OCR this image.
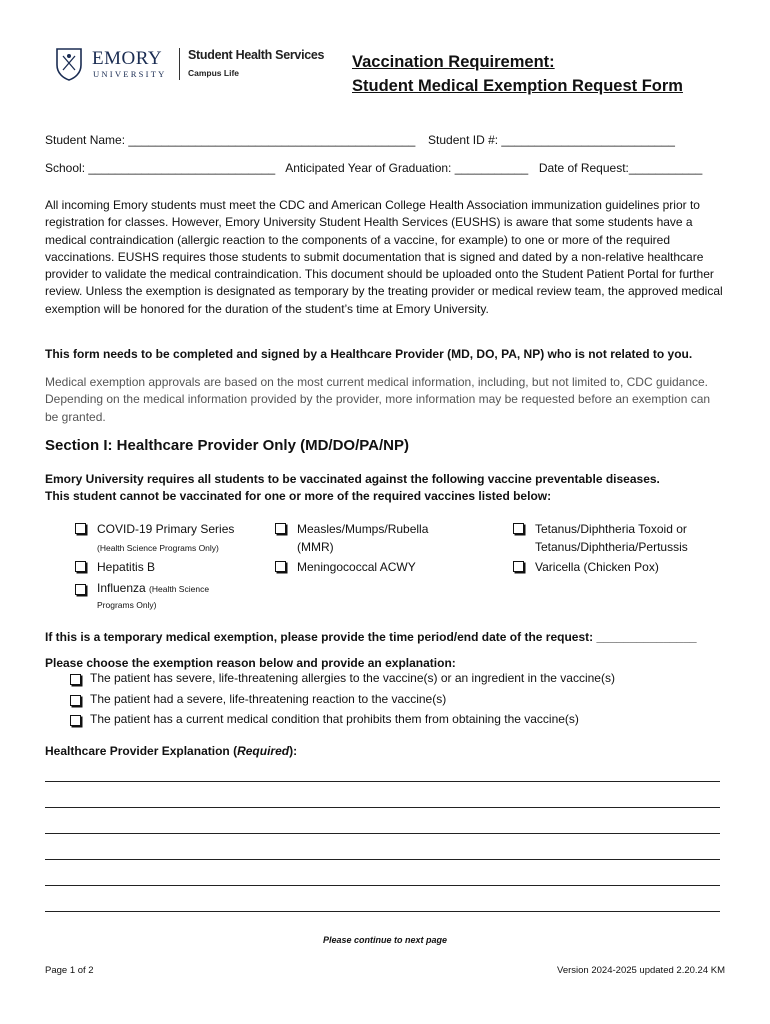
EMORY
UNIVERSITY
Student Health Services
Campus Life
Vaccination Requirement:
Student Medical Exemption Request Form
Student Name: ___________________________________________ Student ID #: __________________________
School: ____________________________ Anticipated Year of Graduation: ___________ Date of Request:___________

All incoming Emory students must meet the CDC and American College Health Association immunization guidelines prior to registration for classes. However, Emory University Student Health Services (EUSHS) is aware that some students have a medical contraindication (allergic reaction to the components of a vaccine, for example) to one or more of the required vaccinations. EUSHS requires those students to submit documentation that is signed and dated by a non-relative healthcare provider to validate the medical contraindication. This document should be uploaded onto the Student Patient Portal for further review. Unless the exemption is designated as temporary by the treating provider or medical review team, the approved medical exemption will be honored for the duration of the student’s time at Emory University.

This form needs to be completed and signed by a Healthcare Provider (MD, DO, PA, NP) who is not related to you.

Medical exemption approvals are based on the most current medical information, including, but not limited to, CDC guidance. Depending on the medical information provided by the provider, more information may be requested before an exemption can be granted.

Section I: Healthcare Provider Only (MD/DO/PA/NP)

Emory University requires all students to be vaccinated against the following vaccine preventable diseases.

This student cannot be vaccinated for one or more of the required vaccines listed below:

COVID-19 Primary Series
(Health Science Programs Only)
Hepatitis B
Influenza (Health Science
Programs Only)
Measles/Mumps/Rubella
(MMR)
Meningococcal ACWY
Tetanus/Diphtheria Toxoid or
Tetanus/Diphtheria/Pertussis
Varicella (Chicken Pox)

If this is a temporary medical exemption, please provide the time period/end date of the request: _______________

Please choose the exemption reason below and provide an explanation:

The patient has severe, life-threatening allergies to the vaccine(s) or an ingredient in the vaccine(s)
The patient had a severe, life-threatening reaction to the vaccine(s)
The patient has a current medical condition that prohibits them from obtaining the vaccine(s)

Healthcare Provider Explanation (Required):

Please continue to next page
Page 1 of 2	Version 2024-2025 updated 2.20.24 KM
